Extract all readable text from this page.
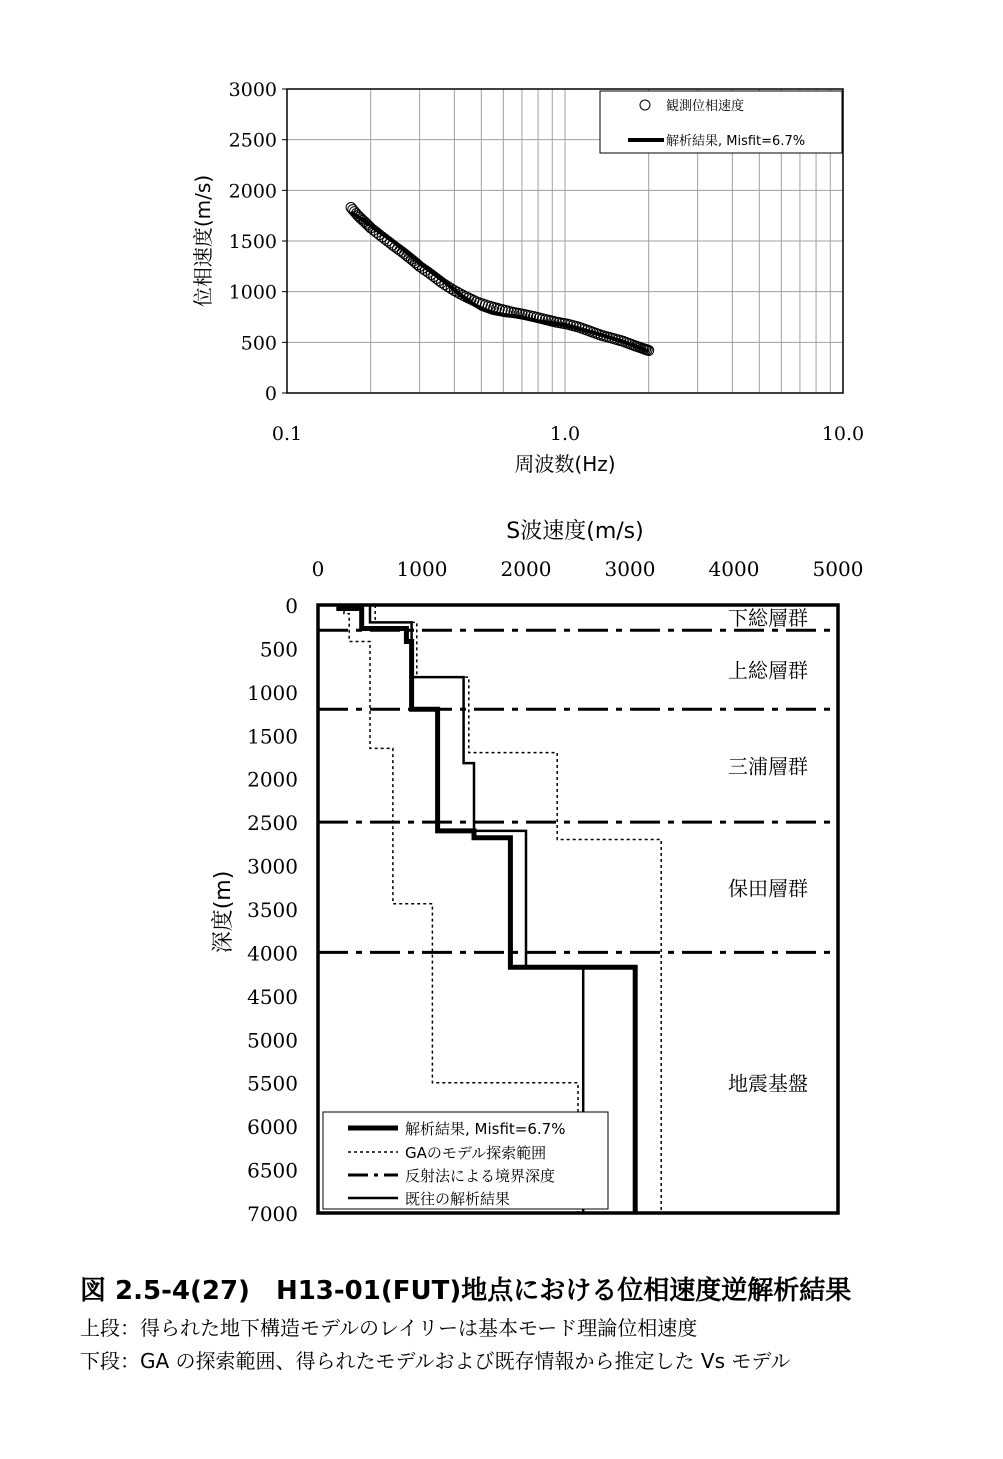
0
500
1000
1500
2000
2500
3000
0.1	1.0	10.0
周波数(Hz)
位相速度(m/s)
観測位相速度
解析結果, Misfit=6.7%
S波速度(m/s)
0	1000	2000	3000	4000	5000
0
500
1000
1500
2000
2500
3000
3500
4000
4500
5000
5500
6000
6500
7000
深度(m)
下総層群
上総層群
三浦層群
保田層群
地震基盤
解析結果, Misfit=6.7%
GAのモデル探索範囲
反射法による境界深度
既往の解析結果
図 2.5-4(27)　H13-01(FUT)地点における位相速度逆解析結果
上段：得られた地下構造モデルのレイリーは基本モード理論位相速度
下段：GA の探索範囲、得られたモデルおよび既存情報から推定した Vs モデル
